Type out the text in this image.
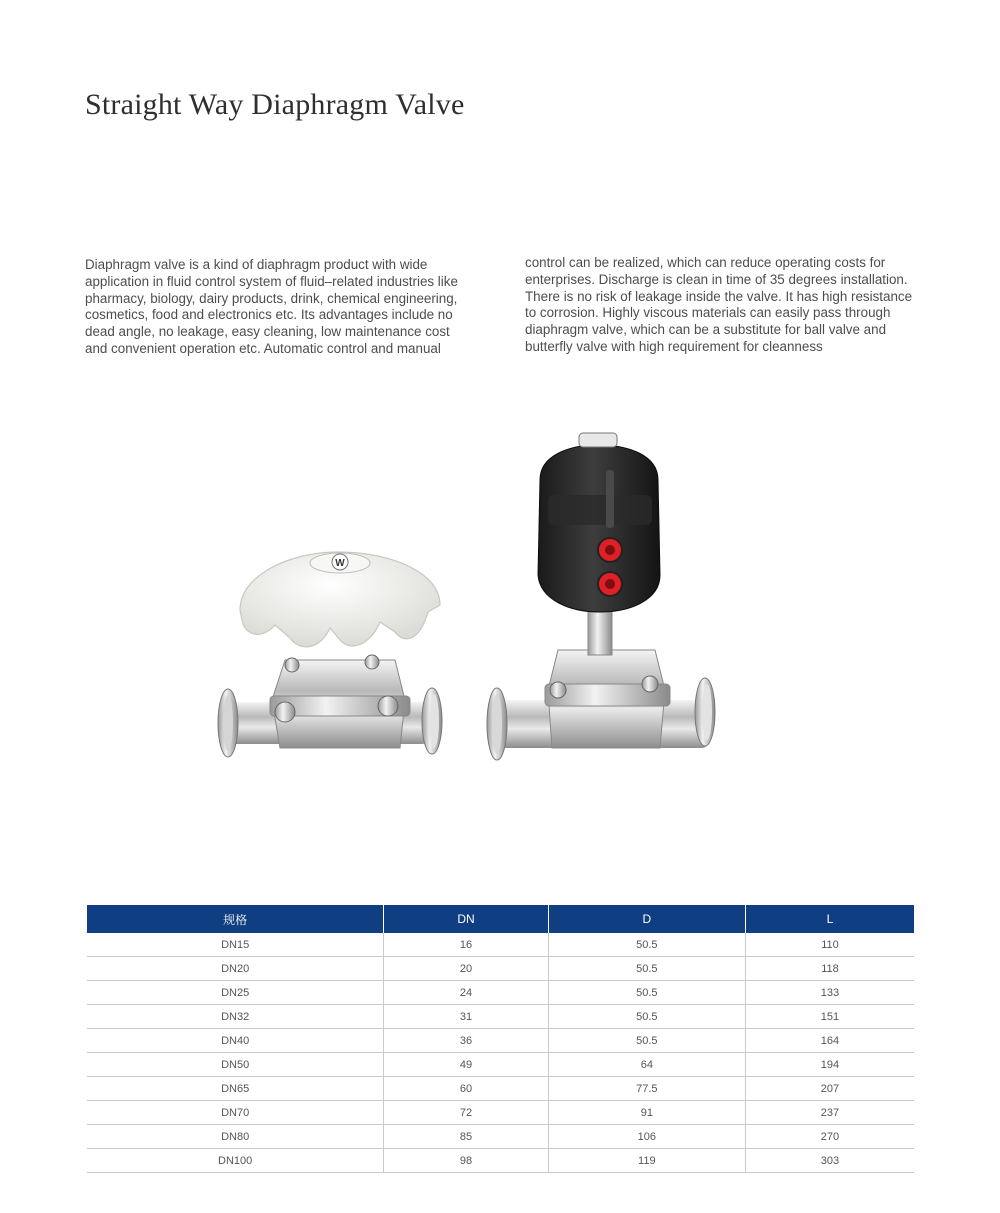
Straight Way Diaphragm Valve
Diaphragm valve is a kind of diaphragm product with wide
application in fluid control system of fluid–related industries like
pharmacy, biology, dairy products, drink, chemical engineering,
cosmetics, food and electronics etc. Its advantages include no
dead angle, no leakage, easy cleaning, low maintenance cost
and convenient operation etc. Automatic control and manual
control can be realized, which can reduce operating costs for
enterprises. Discharge is clean in time of 35 degrees installation.
There is no risk of leakage inside the valve. It has high resistance
to corrosion. Highly viscous materials can easily pass through
diaphragm valve, which can be a substitute for ball valve and
butterfly valve with high requirement for cleanness
W
规格	DN	D	L
DN15	16	50.5	110
DN20	20	50.5	118
DN25	24	50.5	133
DN32	31	50.5	151
DN40	36	50.5	164
DN50	49	64	194
DN65	60	77.5	207
DN70	72	91	237
DN80	85	106	270
DN100	98	119	303
